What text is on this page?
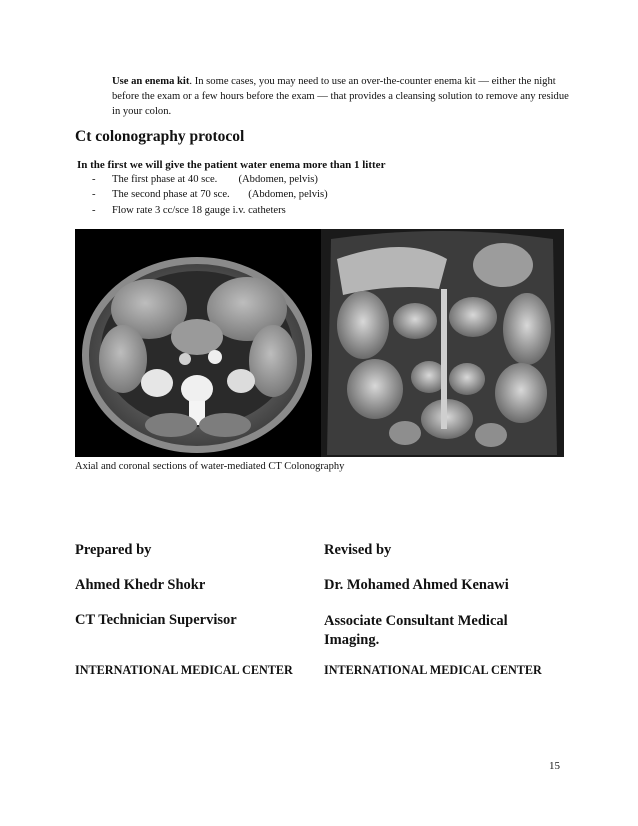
Use an enema kit. In some cases, you may need to use an over-the-counter enema kit — either the night before the exam or a few hours before the exam — that provides a cleansing solution to remove any residue in your colon.
Ct colonography protocol
In the first we will give the patient water enema more than 1 litter
- The first phase at 40 sce.        (Abdomen, pelvis)
- The second phase at 70 sce.       (Abdomen, pelvis)
- Flow rate 3 cc/sce 18 gauge i.v. catheters
Axial and coronal sections of water-mediated CT Colonography
Prepared by	Revised by
Ahmed Khedr Shokr	Dr. Mohamed Ahmed Kenawi
CT Technician Supervisor	Associate Consultant Medical Imaging.
INTERNATIONAL MEDICAL CENTER	INTERNATIONAL MEDICAL CENTER
15
